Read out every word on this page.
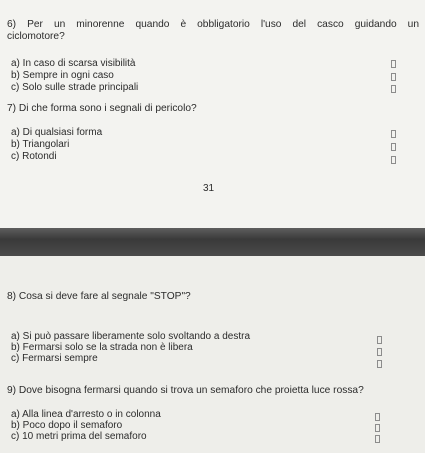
6) Per un minorenne quando è obbligatorio l'uso del casco guidando un
ciclomotore?
a) In caso di scarsa visibilità
b) Sempre in ogni caso
c) Solo sulle strade principali
7) Di che forma sono i segnali di pericolo?
a) Di qualsiasi forma
b) Triangolari
c) Rotondi
31
8) Cosa si deve fare al segnale "STOP"?
a) Si può passare liberamente solo svoltando a destra
b) Fermarsi solo se la strada non è libera
c) Fermarsi sempre
9) Dove bisogna fermarsi quando si trova un semaforo che proietta luce rossa?
a) Alla linea d'arresto o in colonna
b) Poco dopo il semaforo
c) 10 metri prima del semaforo
